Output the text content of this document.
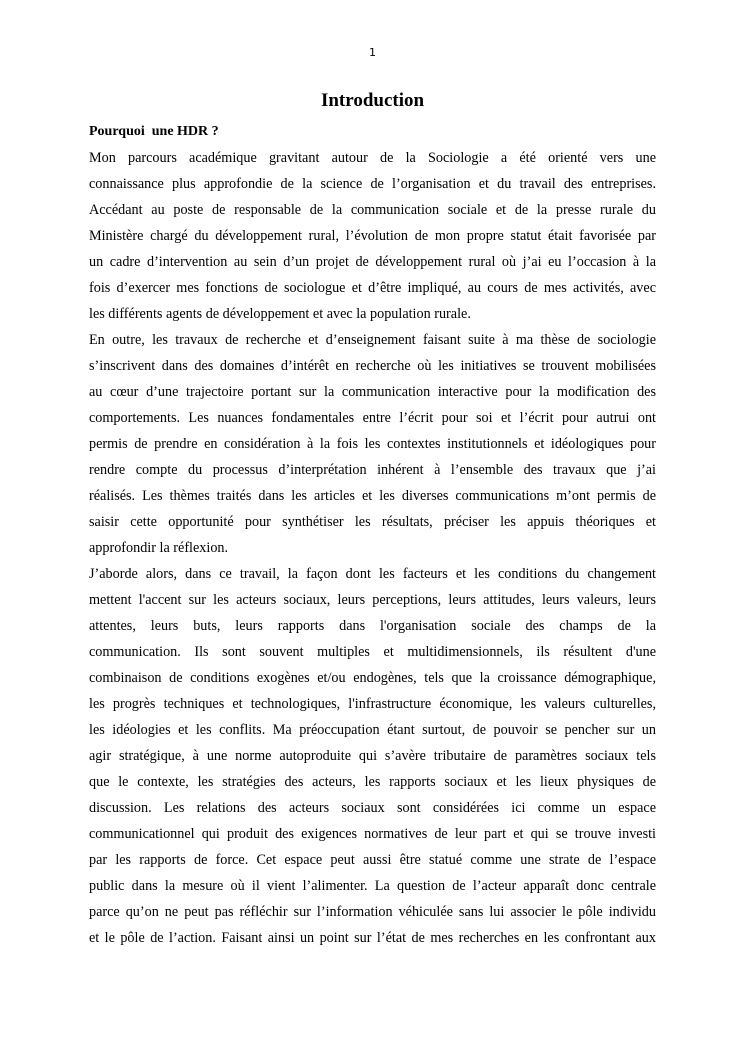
1
Introduction
Pourquoi  une HDR ?
Mon parcours académique gravitant autour de la Sociologie a été orienté vers une
connaissance plus approfondie de la science de l’organisation et du travail des entreprises.
Accédant au poste de responsable de la communication sociale et de la presse rurale du
Ministère chargé du développement rural, l’évolution de mon propre statut était favorisée par
un cadre d’intervention au sein d’un projet de développement rural où j’ai eu l’occasion à la
fois d’exercer mes fonctions de sociologue et d’être impliqué, au cours de mes activités, avec
les différents agents de développement et avec la population rurale.
En outre, les travaux de recherche et d’enseignement faisant suite à ma thèse de sociologie
s’inscrivent dans des domaines d’intérêt en recherche où les initiatives se trouvent mobilisées
au cœur d’une trajectoire portant sur la communication interactive pour la modification des
comportements. Les nuances fondamentales entre l’écrit pour soi et l’écrit pour autrui ont
permis de prendre en considération à la fois les contextes institutionnels et idéologiques pour
rendre compte du processus d’interprétation inhérent à l’ensemble des travaux que j’ai
réalisés. Les thèmes traités dans les articles et les diverses communications m’ont permis de
saisir cette opportunité pour synthétiser les résultats, préciser les appuis théoriques et
approfondir la réflexion.
J’aborde alors, dans ce travail, la façon dont les facteurs et les conditions du changement
mettent l'accent sur les acteurs sociaux, leurs perceptions, leurs attitudes, leurs valeurs, leurs
attentes, leurs buts, leurs rapports dans l'organisation sociale des champs de la
communication. Ils sont souvent multiples et multidimensionnels, ils résultent d'une
combinaison de conditions exogènes et/ou endogènes, tels que la croissance démographique,
les progrès techniques et technologiques, l'infrastructure économique, les valeurs culturelles,
les idéologies et les conflits. Ma préoccupation étant surtout, de pouvoir se pencher sur un
agir stratégique, à une norme autoproduite qui s’avère tributaire de paramètres sociaux tels
que le contexte, les stratégies des acteurs, les rapports sociaux et les lieux physiques de
discussion. Les relations des acteurs sociaux sont considérées ici comme un espace
communicationnel qui produit des exigences normatives de leur part et qui se trouve investi
par les rapports de force. Cet espace peut aussi être statué comme une strate de l’espace
public dans la mesure où il vient l’alimenter. La question de l’acteur apparaît donc centrale
parce qu’on ne peut pas réfléchir sur l’information véhiculée sans lui associer le pôle individu
et le pôle de l’action. Faisant ainsi un point sur l’état de mes recherches en les confrontant aux
